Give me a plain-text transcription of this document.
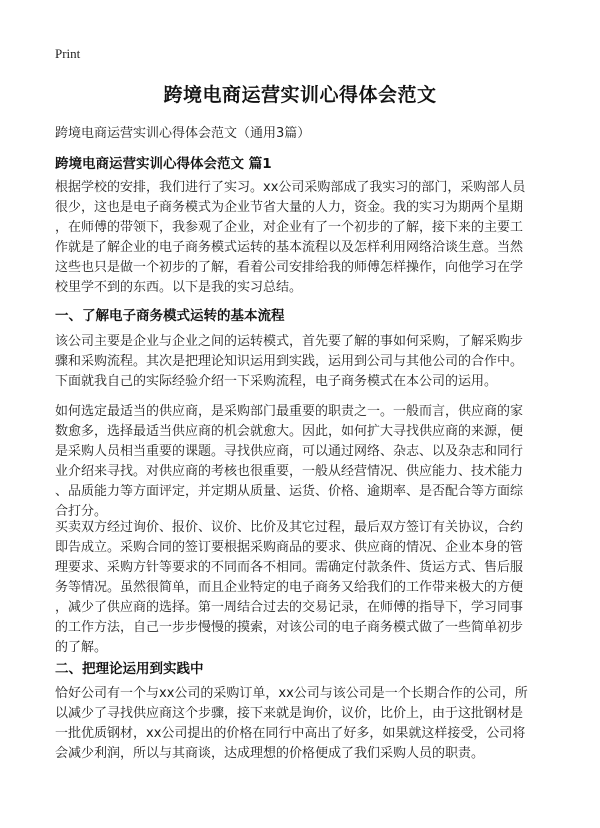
Print
跨境电商运营实训心得体会范文
跨境电商运营实训心得体会范文（通用3篇）
跨境电商运营实训心得体会范文 篇1

根据学校的安排，我们进行了实习。xx公司采购部成了我实习的部门，采购部人员
很少，这也是电子商务模式为企业节省大量的人力，资金。我的实习为期两个星期
，在师傅的带领下，我参观了企业，对企业有了一个初步的了解，接下来的主要工
作就是了解企业的电子商务模式运转的基本流程以及怎样利用网络洽谈生意。当然
这些也只是做一个初步的了解，看着公司安排给我的师傅怎样操作，向他学习在学
校里学不到的东西。以下是我的实习总结。

一、了解电子商务模式运转的基本流程

该公司主要是企业与企业之间的运转模式，首先要了解的事如何采购，了解采购步
骤和采购流程。其次是把理论知识运用到实践，运用到公司与其他公司的合作中。
下面就我自己的实际经验介绍一下采购流程，电子商务模式在本公司的运用。

如何选定最适当的供应商，是采购部门最重要的职责之一。一般而言，供应商的家
数愈多，选择最适当供应商的机会就愈大。因此，如何扩大寻找供应商的来源，便
是采购人员相当重要的课题。寻找供应商，可以通过网络、杂志、以及杂志和同行
业介绍来寻找。对供应商的考核也很重要，一般从经营情况、供应能力、技术能力
、品质能力等方面评定，并定期从质量、运货、价格、逾期率、是否配合等方面综
合打分。

买卖双方经过询价、报价、议价、比价及其它过程，最后双方签订有关协议，合约
即告成立。采购合同的签订要根据采购商品的要求、供应商的情况、企业本身的管
理要求、采购方针等要求的不同而各不相同。需确定付款条件、货运方式、售后服
务等情况。虽然很简单，而且企业特定的电子商务又给我们的工作带来极大的方便
，减少了供应商的选择。第一周结合过去的交易记录，在师傅的指导下，学习同事
的工作方法，自己一步步慢慢的摸索，对该公司的电子商务模式做了一些简单初步
的了解。

二、把理论运用到实践中

恰好公司有一个与xx公司的采购订单，xx公司与该公司是一个长期合作的公司，所
以减少了寻找供应商这个步骤，接下来就是询价，议价，比价上，由于这批钢材是
一批优质钢材，xx公司提出的价格在同行中高出了好多，如果就这样接受，公司将
会减少利润，所以与其商谈，达成理想的价格便成了我们采购人员的职责。
